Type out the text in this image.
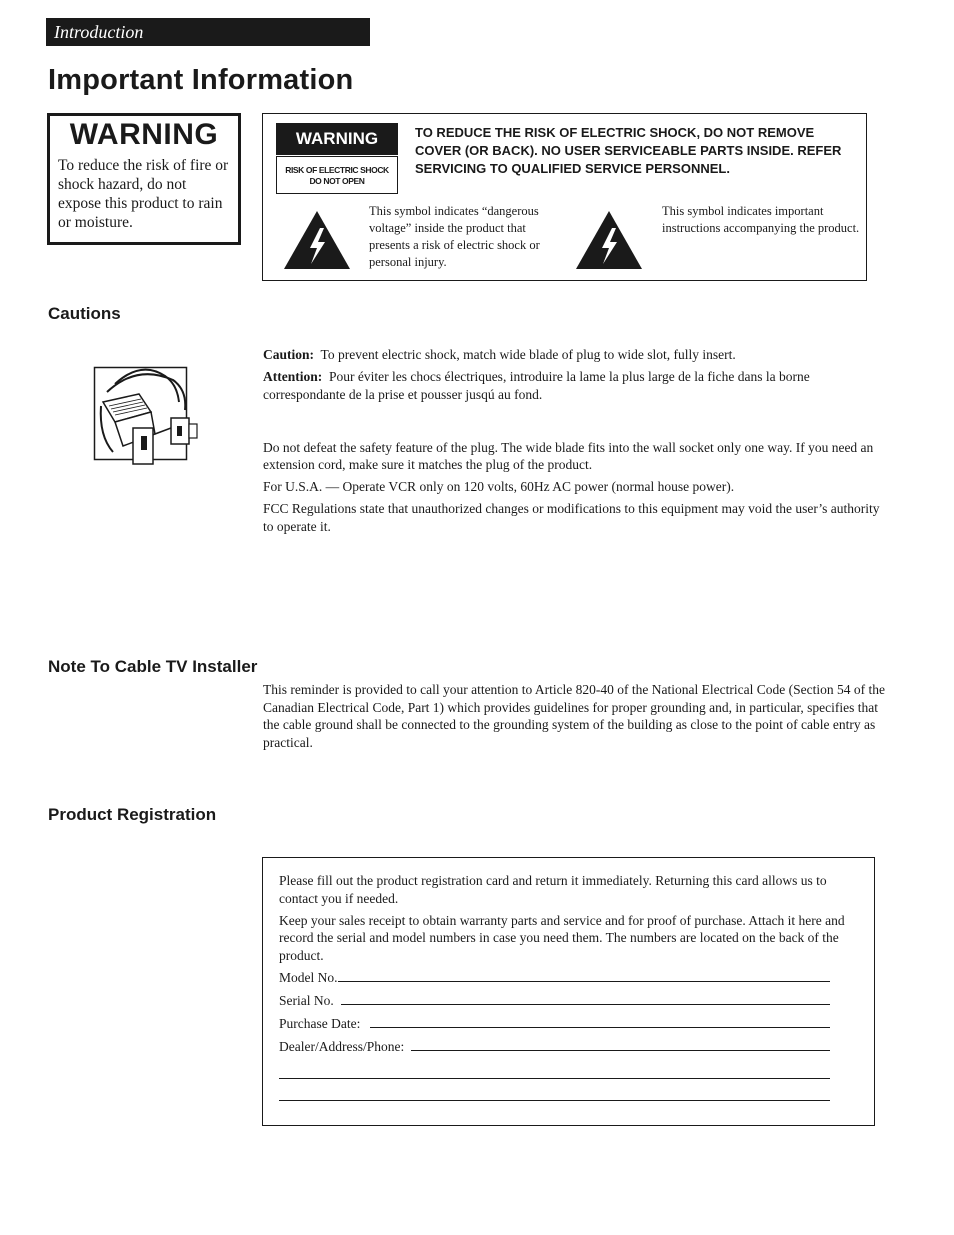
Introduction
Important Information
WARNING
To reduce the risk of fire or shock hazard, do not expose this product to rain or moisture.
WARNING
RISK OF ELECTRIC SHOCK
DO NOT OPEN
TO REDUCE THE RISK OF ELECTRIC SHOCK, DO NOT REMOVE COVER (OR BACK). NO USER SERVICEABLE PARTS INSIDE. REFER SERVICING TO QUALIFIED SERVICE PERSONNEL.
This symbol indicates “dangerous voltage” inside the product that presents a risk of electric shock or personal injury.
This symbol indicates important instructions accompanying the product.
Cautions

Caution: To prevent electric shock, match wide blade of plug to wide slot, fully insert.

Attention: Pour éviter les chocs électriques, introduire la lame la plus large de la fiche dans la borne correspondante de la prise et pousser jusqú au fond.

Do not defeat the safety feature of the plug. The wide blade fits into the wall socket only one way. If you need an extension cord, make sure it matches the plug of the product.

For U.S.A. — Operate VCR only on 120 volts, 60Hz AC power (normal house power).

FCC Regulations state that unauthorized changes or modifications to this equipment may void the user’s authority to operate it.

Note To Cable TV Installer

This reminder is provided to call your attention to Article 820-40 of the National Electrical Code (Section 54 of the Canadian Electrical Code, Part 1) which provides guidelines for proper grounding and, in particular, specifies that the cable ground shall be connected to the grounding system of the building as close to the point of cable entry as practical.

Product Registration

Please fill out the product registration card and return it immediately. Returning this card allows us to contact you if needed.

Keep your sales receipt to obtain warranty parts and service and for proof of purchase. Attach it here and record the serial and model numbers in case you need them. The numbers are located on the back of the product.

Model No.
Serial No.
Purchase Date:
Dealer/Address/Phone:
